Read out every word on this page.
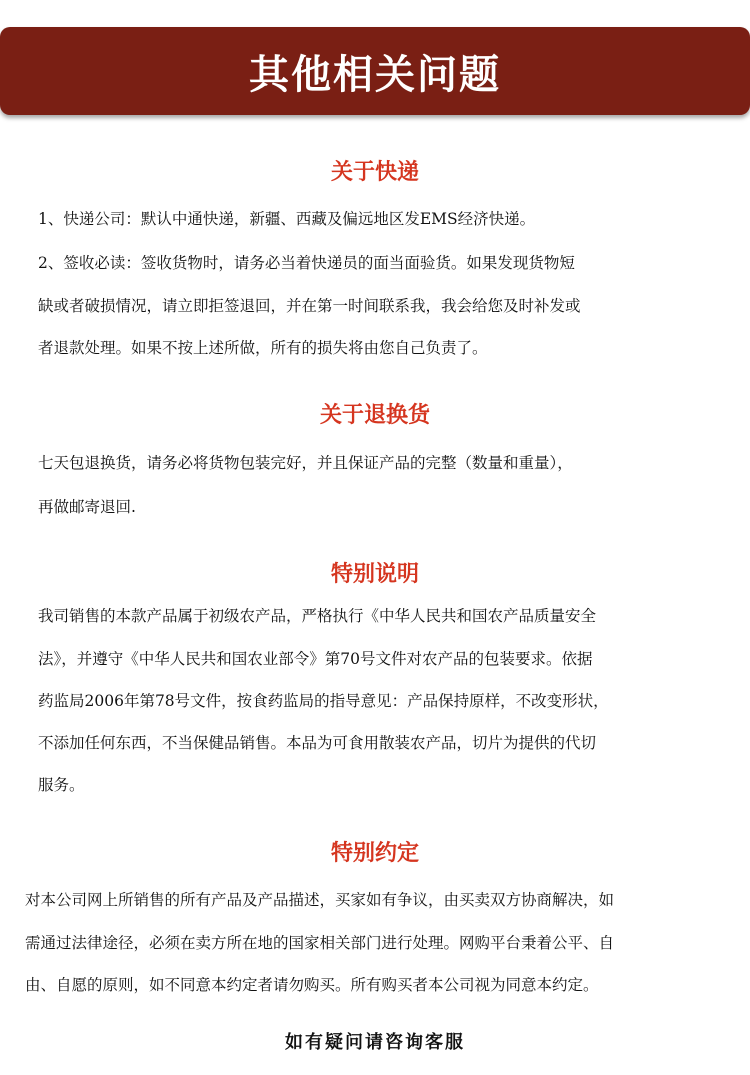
其他相关问题
关于快递

1、快递公司：默认中通快递，新疆、西藏及偏远地区发EMS经济快递。

2、签收必读：签收货物时，请务必当着快递员的面当面验货。如果发现货物短

缺或者破损情况，请立即拒签退回，并在第一时间联系我，我会给您及时补发或

者退款处理。如果不按上述所做，所有的损失将由您自己负责了。

关于退换货

七天包退换货，请务必将货物包装完好，并且保证产品的完整（数量和重量），

再做邮寄退回.

特别说明

我司销售的本款产品属于初级农产品，严格执行《中华人民共和国农产品质量安全

法》，并遵守《中华人民共和国农业部令》第70号文件对农产品的包装要求。依据

药监局2006年第78号文件，按食药监局的指导意见：产品保持原样，不改变形状，

不添加任何东西，不当保健品销售。本品为可食用散装农产品，切片为提供的代切

服务。

特别约定

对本公司网上所销售的所有产品及产品描述，买家如有争议，由买卖双方协商解决，如

需通过法律途径，必须在卖方所在地的国家相关部门进行处理。网购平台秉着公平、自

由、自愿的原则，如不同意本约定者请勿购买。所有购买者本公司视为同意本约定。

如有疑问请咨询客服
